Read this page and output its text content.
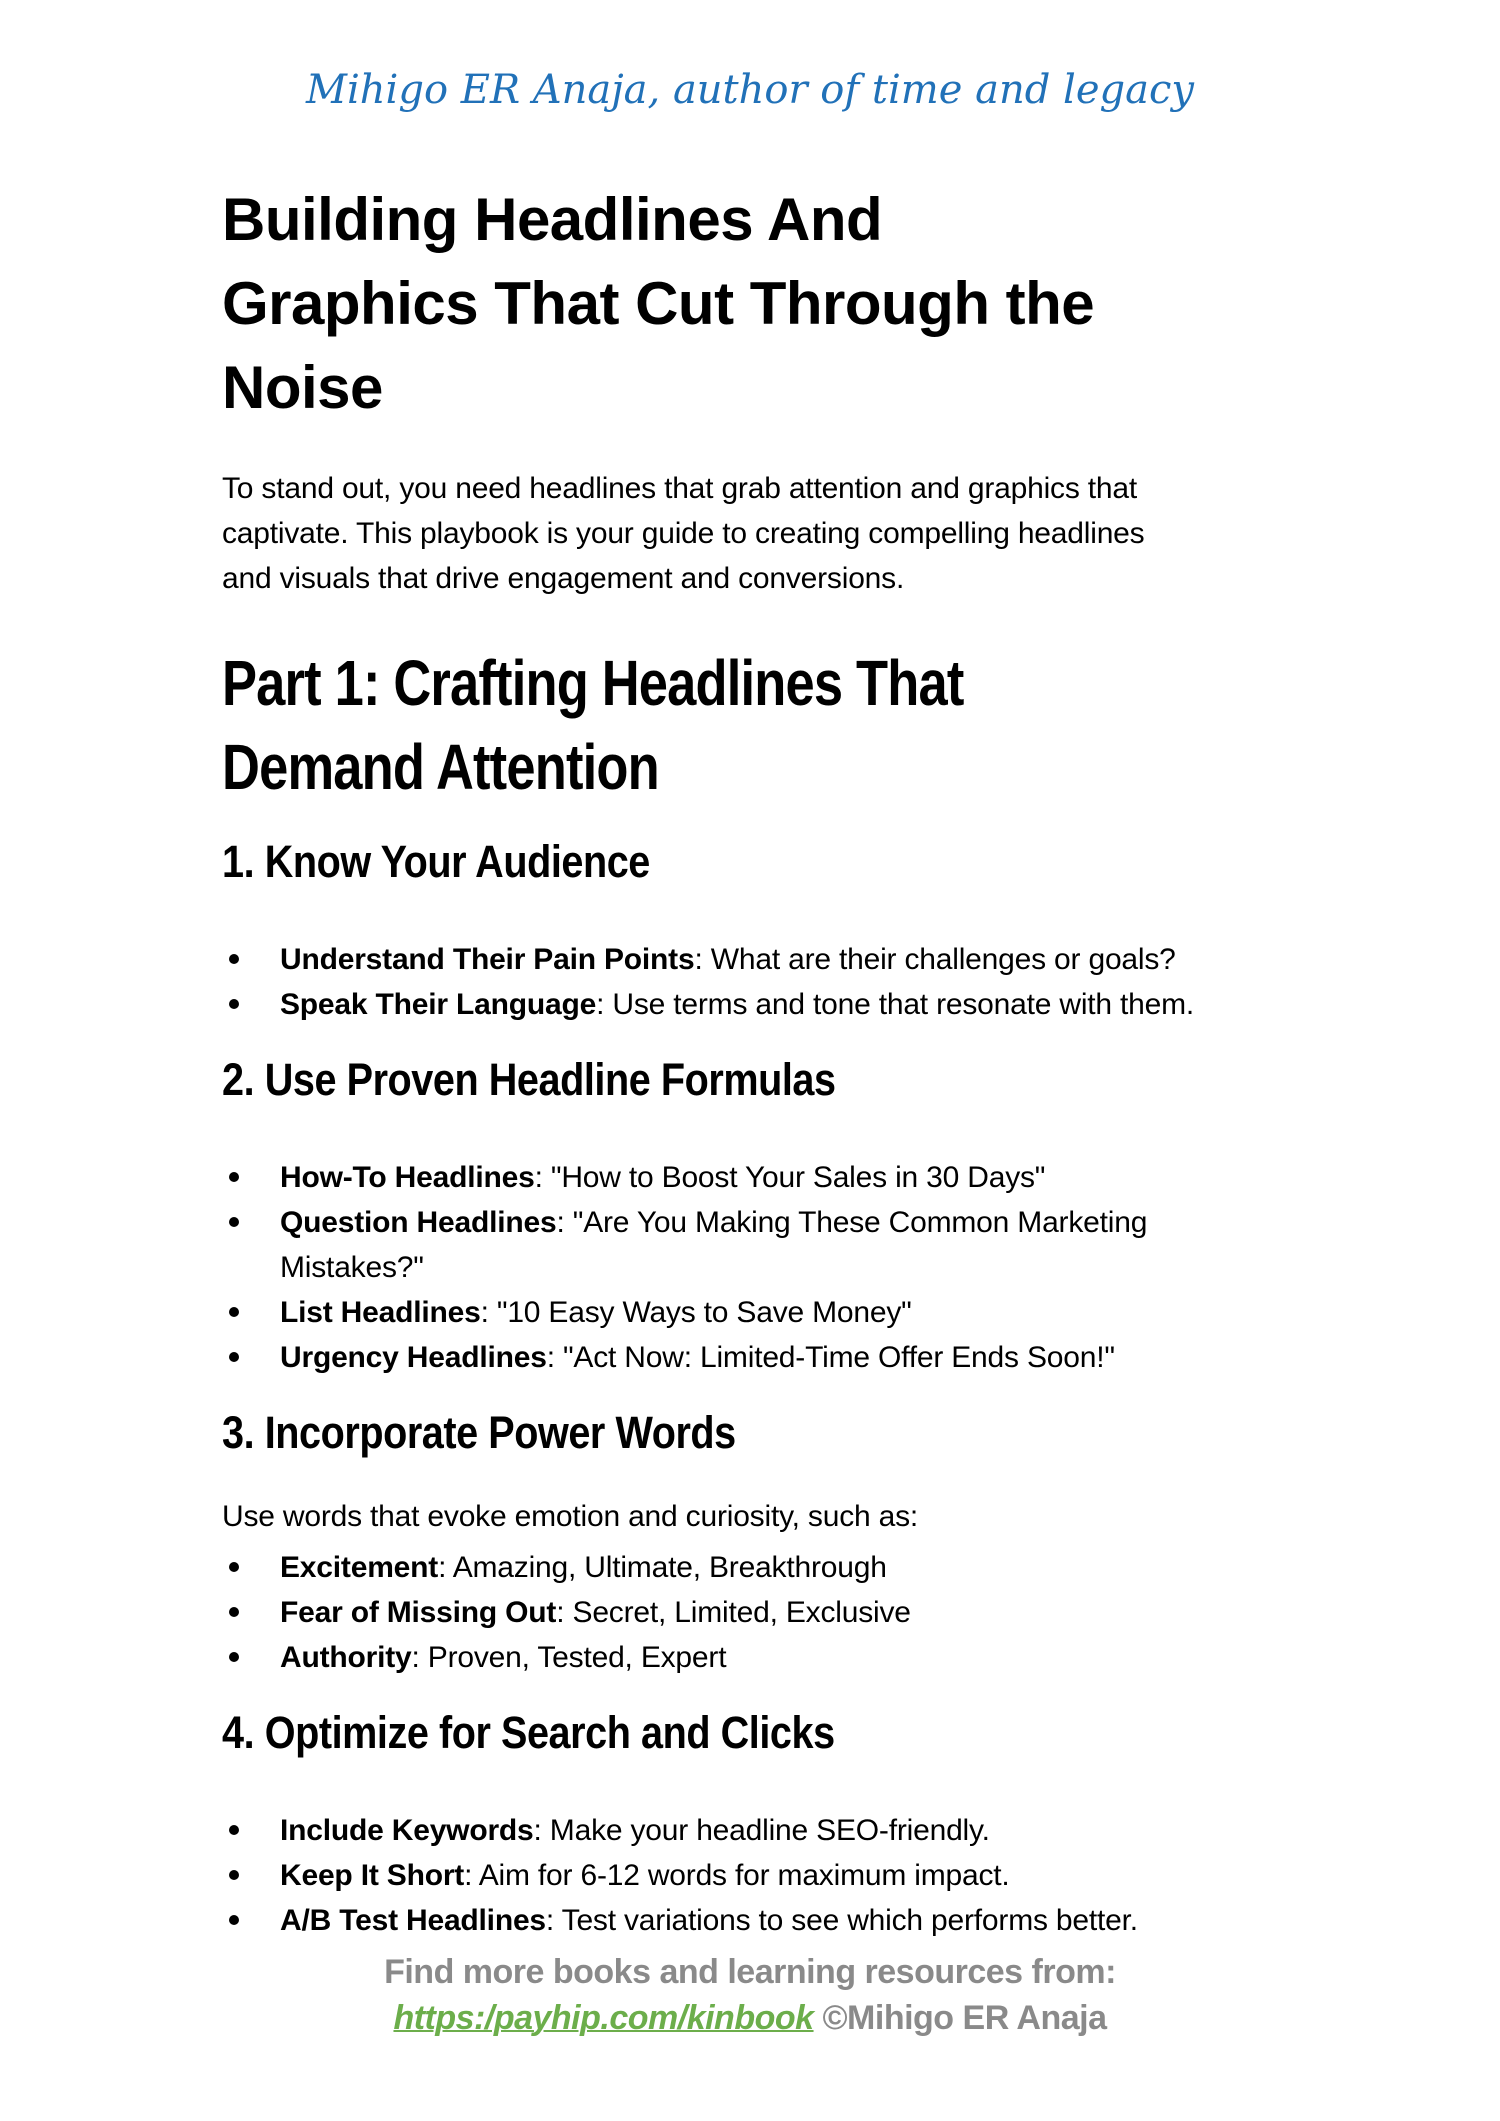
Mihigo ER Anaja, author of time and legacy
Building Headlines And
Graphics That Cut Through the
Noise

To stand out, you need headlines that grab attention and graphics that
captivate. This playbook is your guide to creating compelling headlines
and visuals that drive engagement and conversions.

Part 1: Crafting Headlines That
Demand Attention
1. Know Your Audience
Understand Their Pain Points: What are their challenges or goals?
Speak Their Language: Use terms and tone that resonate with them.
2. Use Proven Headline Formulas
How-To Headlines: "How to Boost Your Sales in 30 Days"
Question Headlines: "Are You Making These Common Marketing
Mistakes?"
List Headlines: "10 Easy Ways to Save Money"
Urgency Headlines: "Act Now: Limited-Time Offer Ends Soon!"
3. Incorporate Power Words

Use words that evoke emotion and curiosity, such as:

Excitement: Amazing, Ultimate, Breakthrough
Fear of Missing Out: Secret, Limited, Exclusive
Authority: Proven, Tested, Expert
4. Optimize for Search and Clicks
Include Keywords: Make your headline SEO-friendly.
Keep It Short: Aim for 6-12 words for maximum impact.
A/B Test Headlines: Test variations to see which performs better.
Find more books and learning resources from:
https:/payhip.com/kinbook ©Mihigo ER Anaja
